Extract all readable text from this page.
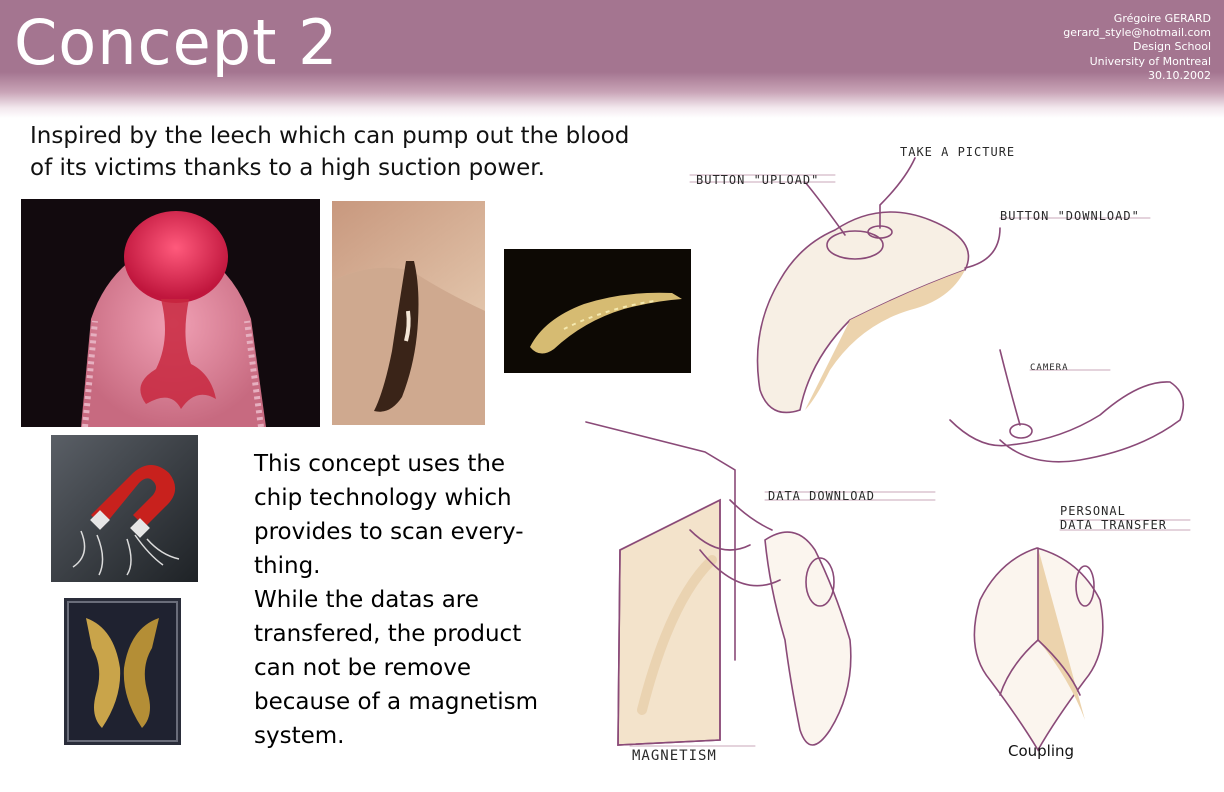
Concept 2	Grégoire GERARD
gerard_style@hotmail.com
Design School
University of Montreal
30.10.2002
Inspired by the leech which can pump out the blood
of its victims thanks to a high suction power.
This concept uses the
chip technology which
provides to scan every-
thing.
While the datas are
transfered, the product
can not be remove
because of a magnetism
system.
TAKE A PICTURE
BUTTON "UPLOAD"
BUTTON "DOWNLOAD"
CAMERA
DATA DOWNLOAD
PERSONAL
DATA TRANSFER
MAGNETISM	Coupling
